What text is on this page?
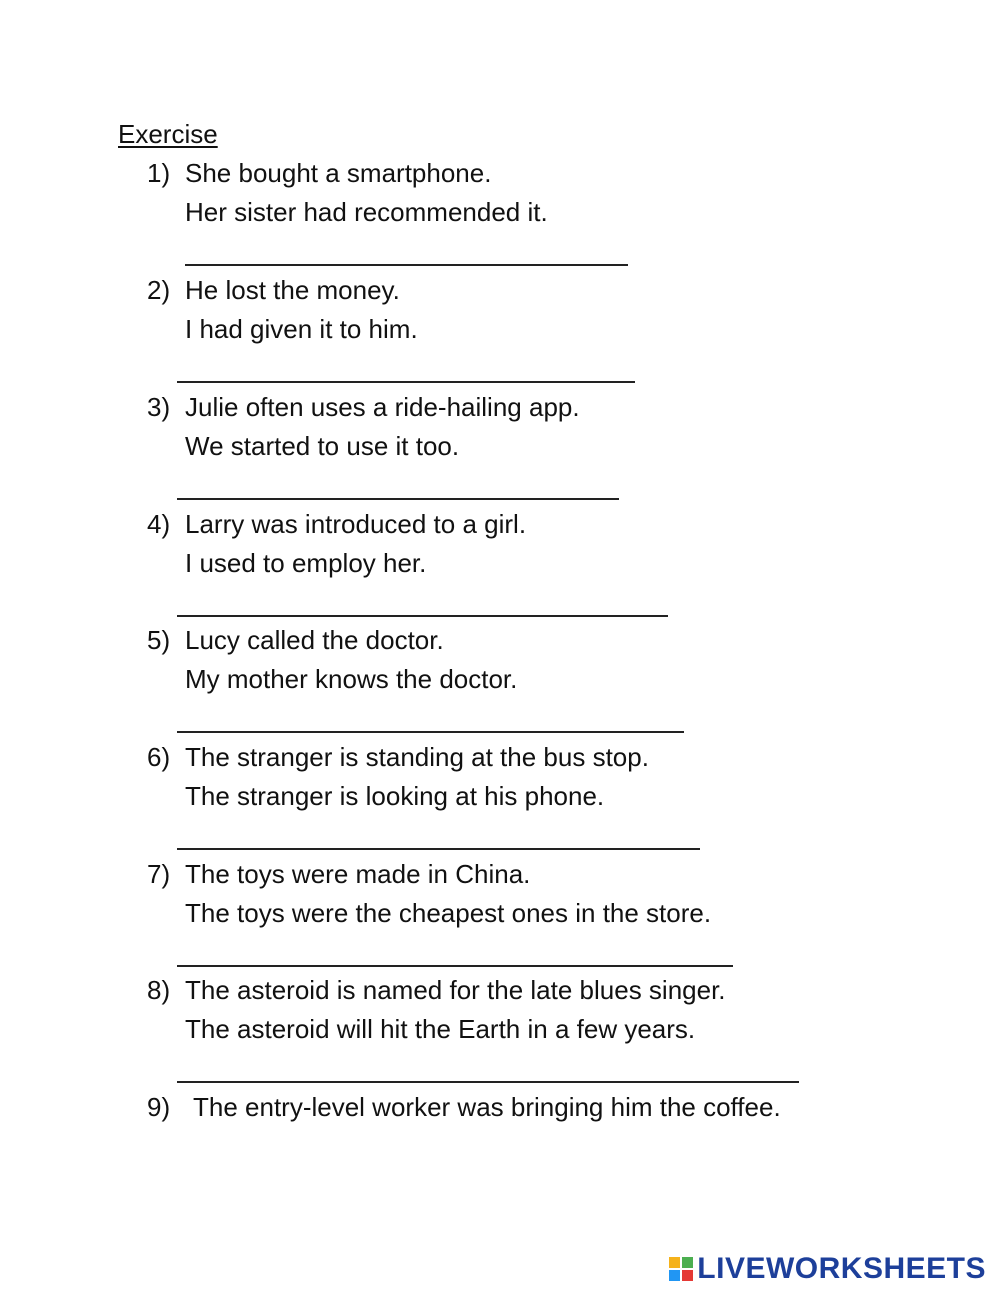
Exercise
1) She bought a smartphone.
Her sister had recommended it.
2) He lost the money.
I had given it to him.
3) Julie often uses a ride-hailing app.
We started to use it too.
4) Larry was introduced to a girl.
I used to employ her.
5) Lucy called the doctor.
My mother knows the doctor.
6) The stranger is standing at the bus stop.
The stranger is looking at his phone.
7) The toys were made in China.
The toys were the cheapest ones in the store.
8) The asteroid is named for the late blues singer.
The asteroid will hit the Earth in a few years.
9) The entry-level worker was bringing him the coffee.
LIVEWORKSHEETS
